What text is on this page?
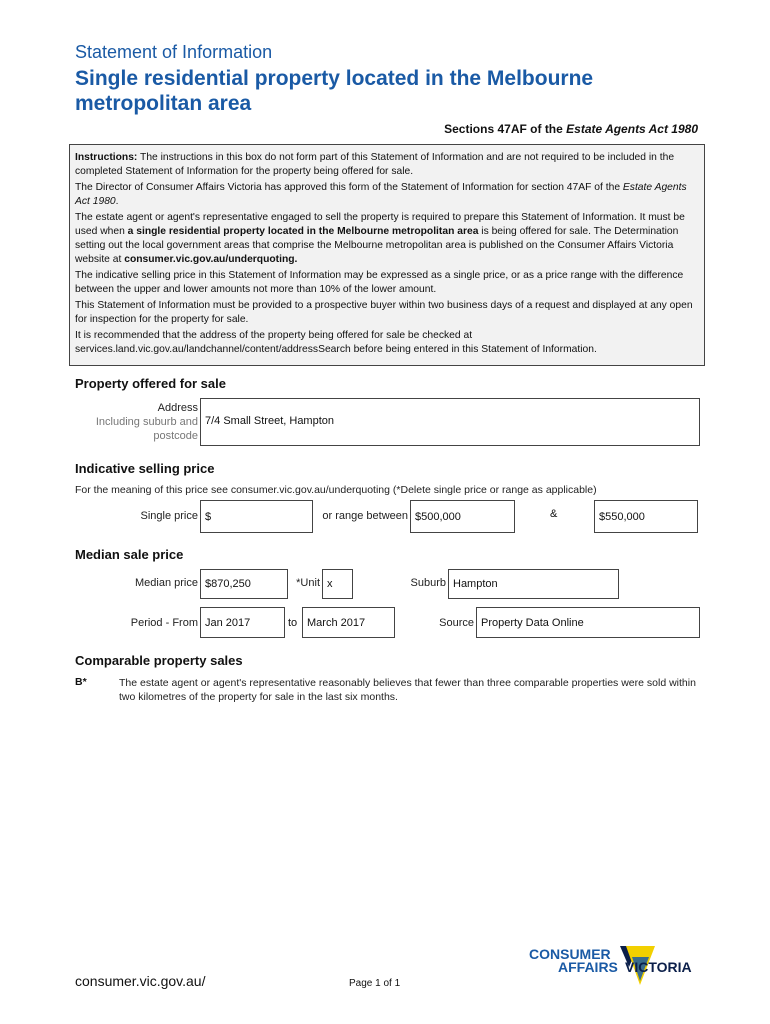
Statement of Information
Single residential property located in the Melbourne
metropolitan area
Sections 47AF of the Estate Agents Act 1980

Instructions: The instructions in this box do not form part of this Statement of Information and are not required to be included in the completed Statement of Information for the property being offered for sale.

The Director of Consumer Affairs Victoria has approved this form of the Statement of Information for section 47AF of the Estate Agents Act 1980.

The estate agent or agent's representative engaged to sell the property is required to prepare this Statement of Information. It must be used when a single residential property located in the Melbourne metropolitan area is being offered for sale. The Determination setting out the local government areas that comprise the Melbourne metropolitan area is published on the Consumer Affairs Victoria website at consumer.vic.gov.au/underquoting.

The indicative selling price in this Statement of Information may be expressed as a single price, or as a price range with the difference between the upper and lower amounts not more than 10% of the lower amount.

This Statement of Information must be provided to a prospective buyer within two business days of a request and displayed at any open for inspection for the property for sale.

It is recommended that the address of the property being offered for sale be checked at services.land.vic.gov.au/landchannel/content/addressSearch before being entered in this Statement of Information.

Property offered for sale
Address
Including suburb and
postcode
7/4 Small Street, Hampton
Indicative selling price
For the meaning of this price see consumer.vic.gov.au/underquoting (*Delete single price or range as applicable)
Single price $	or range between $500,000	&	$550,000
Median sale price
Median price $870,250	*Unit x	Suburb Hampton
Period - From Jan 2017	to March 2017	Source Property Data Online
Comparable property sales
B*	The estate agent or agent's representative reasonably believes that fewer than three comparable properties were sold within two kilometres of the property for sale in the last six months.
consumer.vic.gov.au/	Page 1 of 1
CONSUMER
AFFAIRS VICTORIA
